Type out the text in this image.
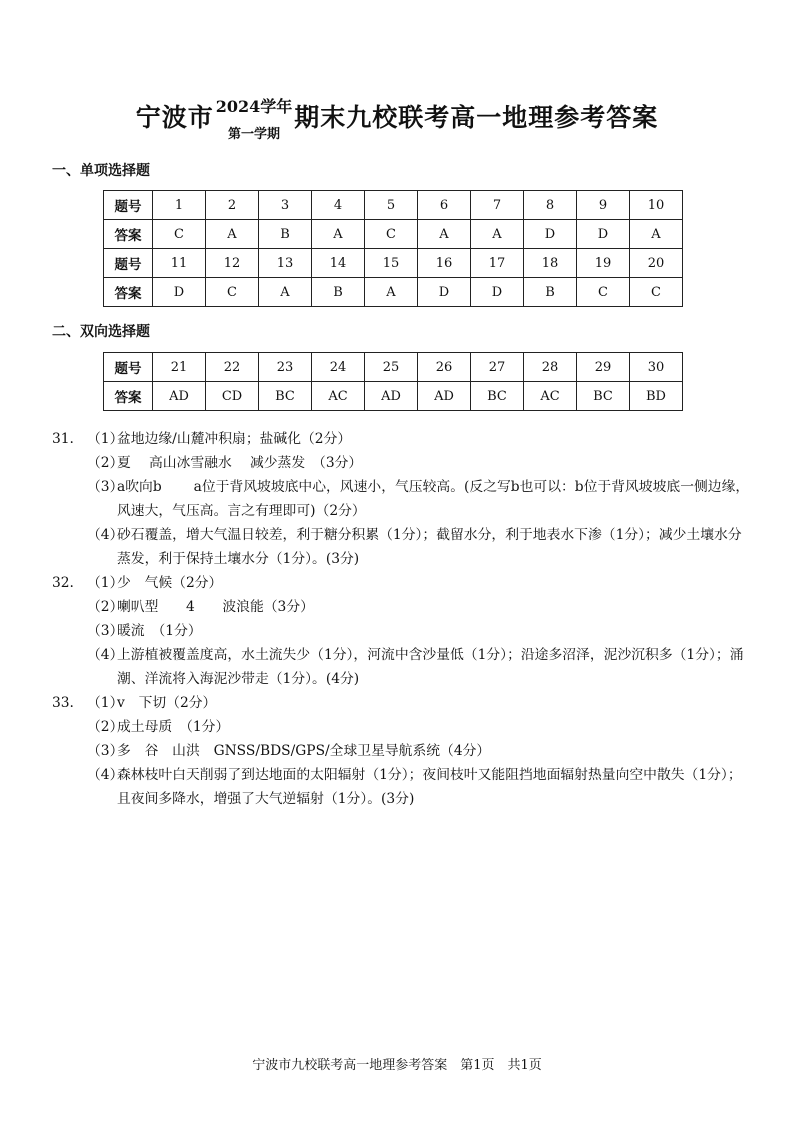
宁波市 2024学年
第一学期
期末九校联考高一地理参考答案
一、单项选择题
题号	1	2	3	4	5	6	7	8	9	10
答案	C	A	B	A	C	A	A	D	D	A
题号	11	12	13	14	15	16	17	18	19	20
答案	D	C	A	B	A	D	D	B	C	C
二、双向选择题
题号	21	22	23	24	25	26	27	28	29	30
答案	AD	CD	BC	AC	AD	AD	BC	AC	BC	BD
31. （1）
盆地边缘/山麓冲积扇；盐碱化（2分）
（2）
夏　 高山冰雪融水　 减少蒸发　（3分）
（3）
a吹向b　　 a位于背风坡坡底中心，风速小，气压较高。(反之写b也可以：b位于背风坡坡底一侧边缘，风速大，气压高。言之有理即可)（2分）
（4）
砂石覆盖，增大气温日较差，利于糖分积累（1分）；截留水分，利于地表水下渗（1分）；减少土壤水分蒸发，利于保持土壤水分（1分）。(3分)
32. （1）
少　气候（2分）
（2）
喇叭型　　4　　波浪能（3分）
（3）
暖流　（1分）
（4）
上游植被覆盖度高，水土流失少（1分），河流中含沙量低（1分）；沿途多沼泽，泥沙沉积多（1分）；涌潮、洋流将入海泥沙带走（1分）。(4分)
33. （1）
v　下切（2分）
（2）
成土母质　（1分）
（3）
多　谷　山洪　GNSS/BDS/GPS/全球卫星导航系统（4分）
（4）
森林枝叶白天削弱了到达地面的太阳辐射（1分）；夜间枝叶又能阻挡地面辐射热量向空中散失（1分）；且夜间多降水，增强了大气逆辐射（1分）。(3分)
宁波市九校联考高一地理参考答案　第1页　共1页
